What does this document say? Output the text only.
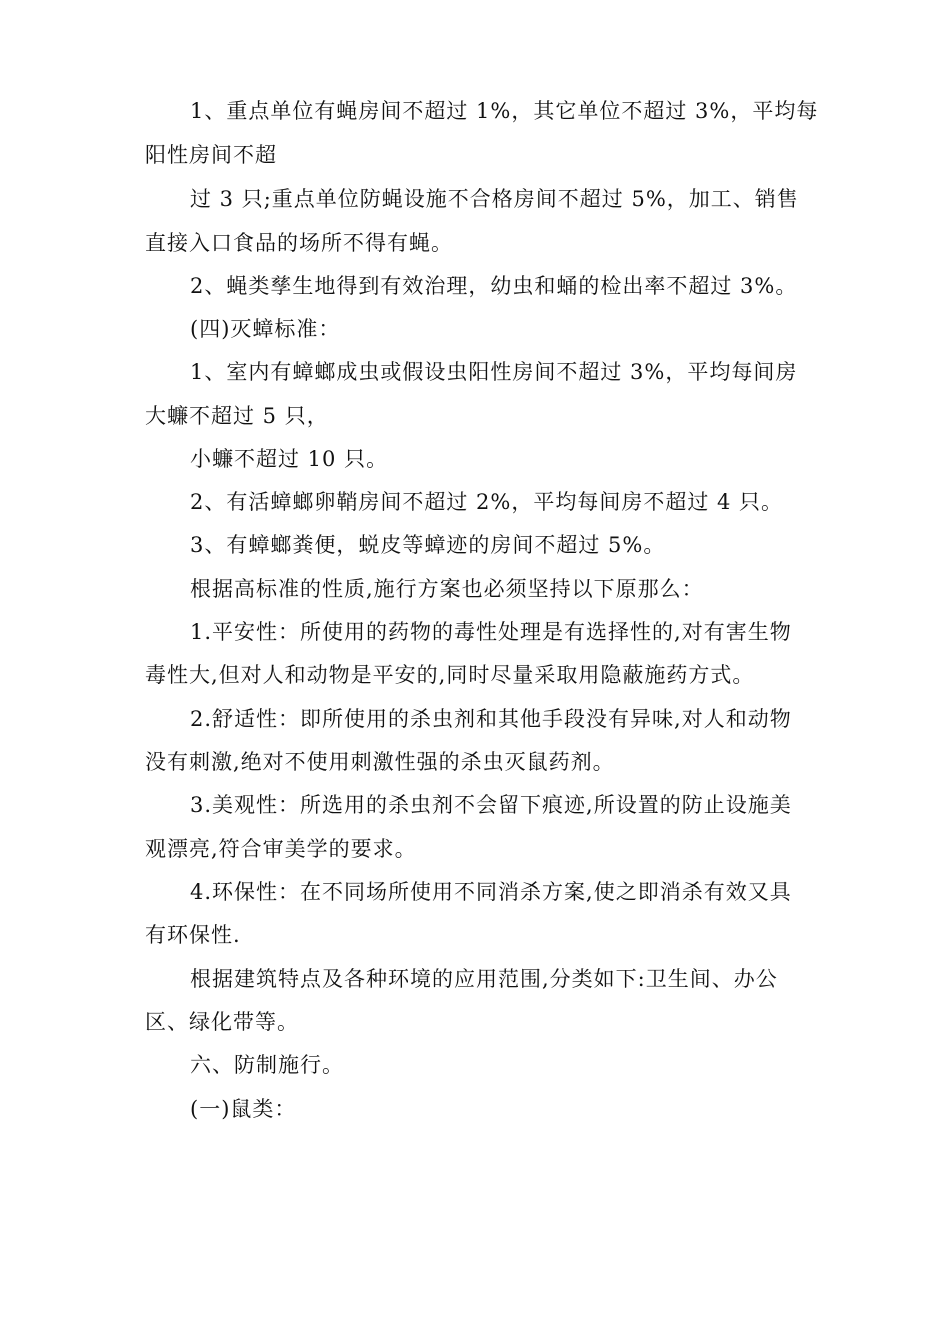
1、重点单位有蝇房间不超过 1%，其它单位不超过 3%，平均每
阳性房间不超
过 3 只;重点单位防蝇设施不合格房间不超过 5%，加工、销售
直接入口食品的场所不得有蝇。
2、蝇类孳生地得到有效治理，幼虫和蛹的检出率不超过 3%。
(四)灭蟑标准：
1、室内有蟑螂成虫或假设虫阳性房间不超过 3%，平均每间房
大蠊不超过 5 只，
小蠊不超过 10 只。
2、有活蟑螂卵鞘房间不超过 2%，平均每间房不超过 4 只。
3、有蟑螂粪便，蜕皮等蟑迹的房间不超过 5%。
根据高标准的性质,施行方案也必须坚持以下原那么：
1.平安性：所使用的药物的毒性处理是有选择性的,对有害生物
毒性大,但对人和动物是平安的,同时尽量采取用隐蔽施药方式。
2.舒适性：即所使用的杀虫剂和其他手段没有异味,对人和动物
没有刺激,绝对不使用刺激性强的杀虫灭鼠药剂。
3.美观性：所选用的杀虫剂不会留下痕迹,所设置的防止设施美
观漂亮,符合审美学的要求。
4.环保性：在不同场所使用不同消杀方案,使之即消杀有效又具
有环保性.
根据建筑特点及各种环境的应用范围,分类如下:卫生间、办公
区、绿化带等。
六、防制施行。
(一)鼠类：
